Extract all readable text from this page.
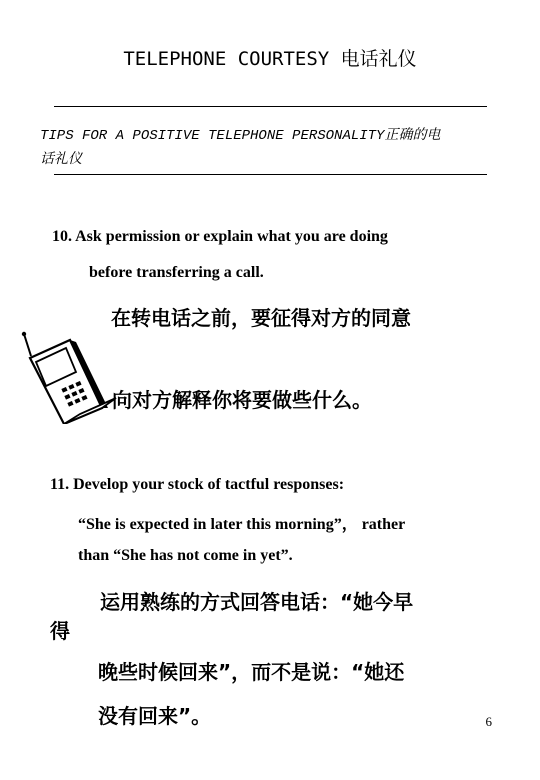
TELEPHONE COURTESY 电话礼仪
TIPS FOR A POSITIVE TELEPHONE PERSONALITY正确的电
话礼仪
10. Ask permission or explain what you are doing
before transferring a call.
在转电话之前，要征得对方的同意
向对方解释你将要做些什么。
11. Develop your stock of tactful responses:
“She is expected in later this morning”， rather
than “She has not come in yet”.
运用熟练的方式回答电话：“她今早
得
晚些时候回来”，而不是说：“她还
没有回来”。	6
